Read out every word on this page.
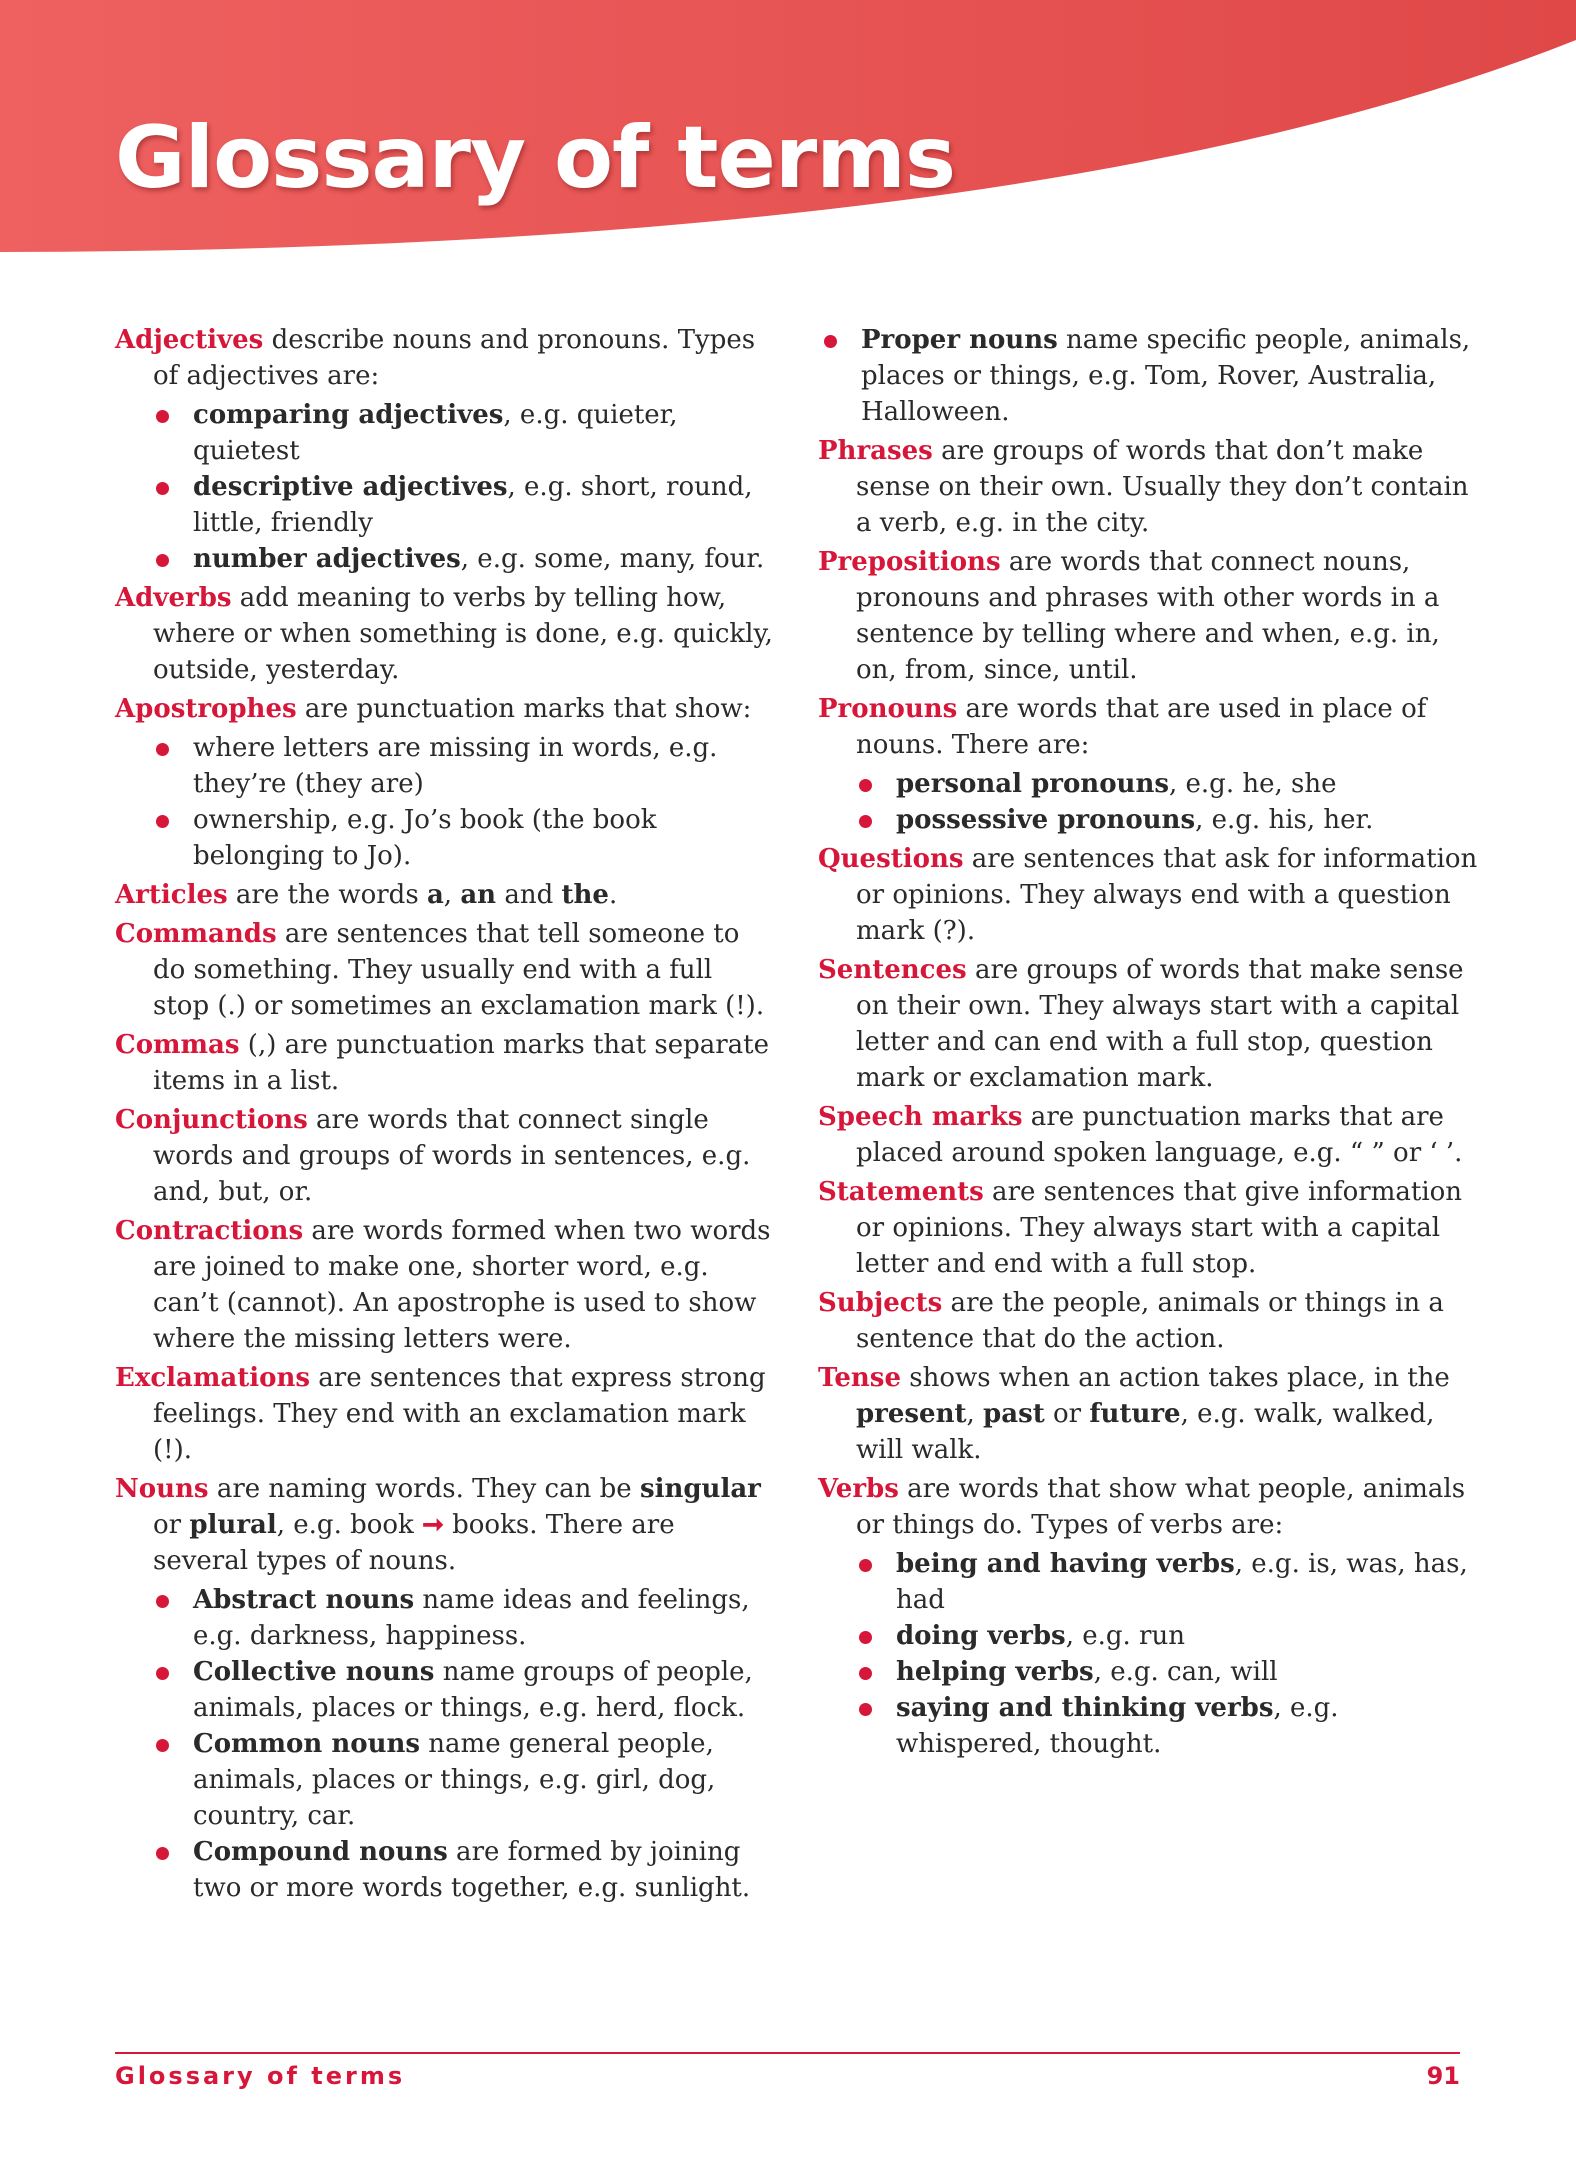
Glossary of terms

Adjectives describe nouns and pronouns. Types of adjectives are:

comparing adjectives, e.g. quieter, quietest
descriptive adjectives, e.g. short, round, little, friendly
number adjectives, e.g. some, many, four.

Adverbs add meaning to verbs by telling how, where or when something is done, e.g. quickly, outside, yesterday.

Apostrophes are punctuation marks that show:

where letters are missing in words, e.g. they’re (they are)
ownership, e.g. Jo’s book (the book belonging to Jo).

Articles are the words a, an and the.

Commands are sentences that tell someone to do something. They usually end with a full stop (.) or sometimes an exclamation mark (!).

Commas (,) are punctuation marks that separate items in a list.

Conjunctions are words that connect single words and groups of words in sentences, e.g. and, but, or.

Contractions are words formed when two words are joined to make one, shorter word, e.g. can’t (cannot). An apostrophe is used to show where the missing letters were.

Exclamations are sentences that express strong feelings. They end with an exclamation mark (!).

Nouns are naming words. They can be singular or plural, e.g. book ➞ books. There are several types of nouns.

Abstract nouns name ideas and feelings, e.g. darkness, happiness.
Collective nouns name groups of people, animals, places or things, e.g. herd, flock.
Common nouns name general people, animals, places or things, e.g. girl, dog, country, car.
Compound nouns are formed by joining two or more words together, e.g. sunlight.
Proper nouns name specific people, animals, places or things, e.g. Tom, Rover, Australia, Halloween.

Phrases are groups of words that don’t make sense on their own. Usually they don’t contain a verb, e.g. in the city.

Prepositions are words that connect nouns, pronouns and phrases with other words in a sentence by telling where and when, e.g. in, on, from, since, until.

Pronouns are words that are used in place of nouns. There are:

personal pronouns, e.g. he, she
possessive pronouns, e.g. his, her.

Questions are sentences that ask for information or opinions. They always end with a question mark (?).

Sentences are groups of words that make sense on their own. They always start with a capital letter and can end with a full stop, question mark or exclamation mark.

Speech marks are punctuation marks that are placed around spoken language, e.g. “ ” or ‘ ’.

Statements are sentences that give information or opinions. They always start with a capital letter and end with a full stop.

Subjects are the people, animals or things in a sentence that do the action.

Tense shows when an action takes place, in the present, past or future, e.g. walk, walked, will walk.

Verbs are words that show what people, animals or things do. Types of verbs are:

being and having verbs, e.g. is, was, has, had
doing verbs, e.g. run
helping verbs, e.g. can, will
saying and thinking verbs, e.g. whispered, thought.
Glossary of terms	91
